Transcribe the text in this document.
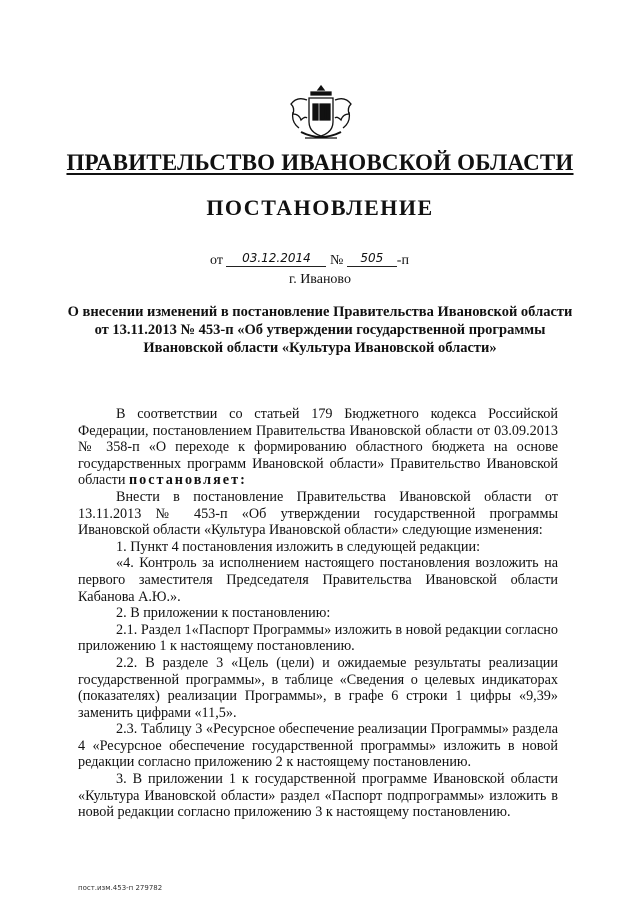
ПРАВИТЕЛЬСТВО ИВАНОВСКОЙ ОБЛАСТИ
ПОСТАНОВЛЕНИЕ
от 03.12.2014 № 505 -п
г. Иваново
О внесении изменений в постановление Правительства Ивановской области от 13.11.2013 № 453-п «Об утверждении государственной программы Ивановской области «Культура Ивановской области»

В соответствии со статьей 179 Бюджетного кодекса Российской Федерации, постановлением Правительства Ивановской области от 03.09.2013 № 358-п «О переходе к формированию областного бюджета на основе государственных программ Ивановской области» Правительство Ивановской области постановляет:

Внести в постановление Правительства Ивановской области от 13.11.2013 № 453-п «Об утверждении государственной программы Ивановской области «Культура Ивановской области» следующие изменения:

1. Пункт 4 постановления изложить в следующей редакции:

«4. Контроль за исполнением настоящего постановления возложить на первого заместителя Председателя Правительства Ивановской области Кабанова А.Ю.».

2. В приложении к постановлению:

2.1. Раздел 1«Паспорт Программы» изложить в новой редакции согласно приложению 1 к настоящему постановлению.

2.2. В разделе 3 «Цель (цели) и ожидаемые результаты реализации государственной программы», в таблице «Сведения о целевых индикаторах (показателях) реализации Программы», в графе 6 строки 1 цифры «9,39» заменить цифрами «11,5».

2.3. Таблицу 3 «Ресурсное обеспечение реализации Программы» раздела 4 «Ресурсное обеспечение государственной программы» изложить в новой редакции согласно приложению 2 к настоящему постановлению.

3. В приложении 1 к государственной программе Ивановской области «Культура Ивановской области» раздел «Паспорт подпрограммы» изложить в новой редакции согласно приложению 3 к настоящему постановлению.

пост.изм.453-п 279782
